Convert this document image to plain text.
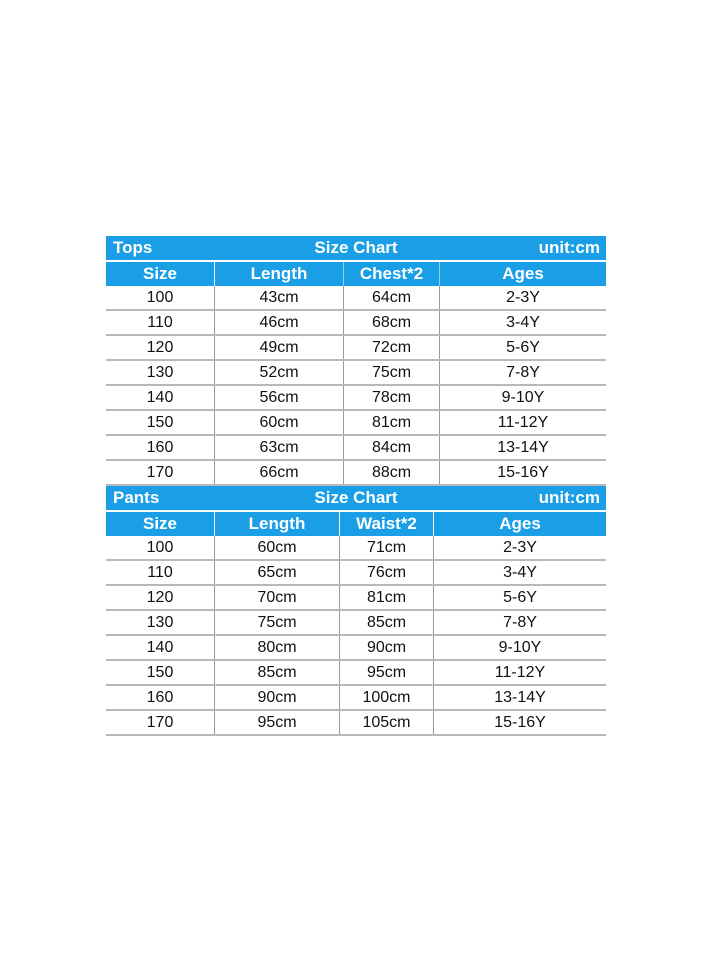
Tops	Size Chart	unit:cm
Size	Length	Chest*2	Ages
100	43cm	64cm	2-3Y
110	46cm	68cm	3-4Y
120	49cm	72cm	5-6Y
130	52cm	75cm	7-8Y
140	56cm	78cm	9-10Y
150	60cm	81cm	11-12Y
160	63cm	84cm	13-14Y
170	66cm	88cm	15-16Y
Pants	Size Chart	unit:cm
Size	Length	Waist*2	Ages
100	60cm	71cm	2-3Y
110	65cm	76cm	3-4Y
120	70cm	81cm	5-6Y
130	75cm	85cm	7-8Y
140	80cm	90cm	9-10Y
150	85cm	95cm	11-12Y
160	90cm	100cm	13-14Y
170	95cm	105cm	15-16Y
